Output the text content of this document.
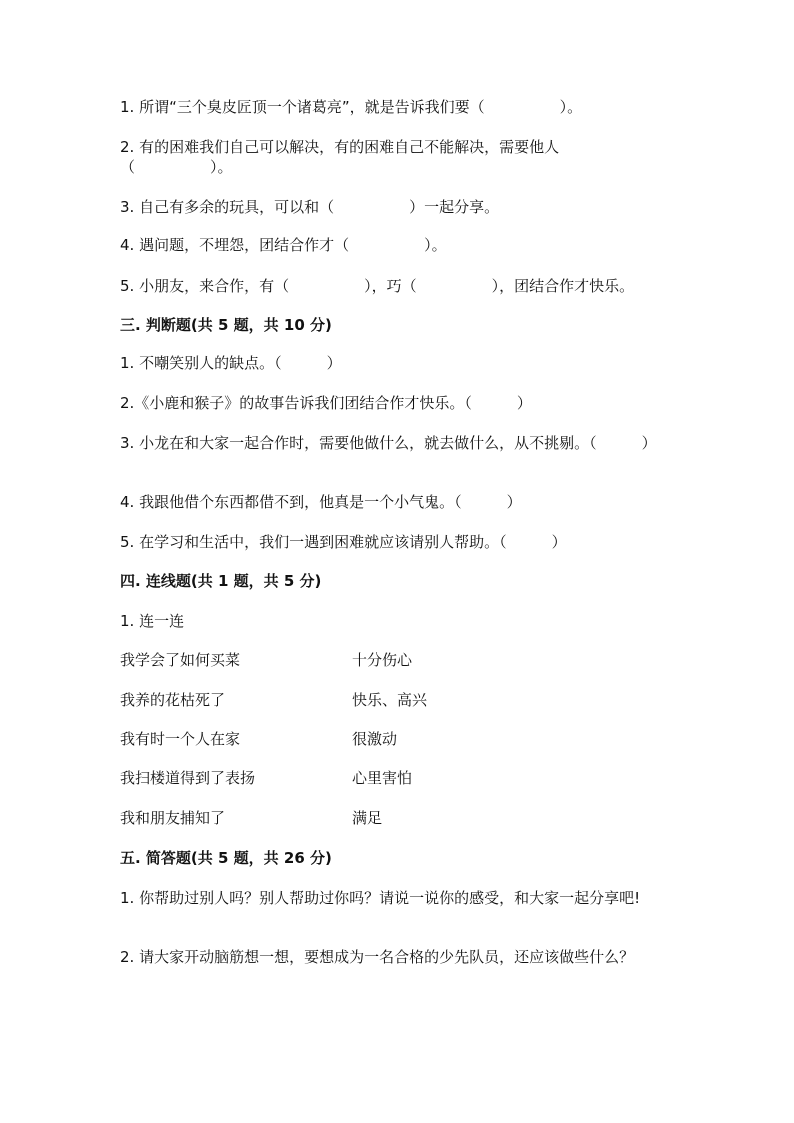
1. 所谓“三个臭皮匠顶一个诸葛亮”，就是告诉我们要（　　　　　）。
2. 有的困难我们自己可以解决，有的困难自己不能解决，需要他人（　　　　　）。
3. 自己有多余的玩具，可以和（　　　　　）一起分享。
4. 遇问题，不埋怨，团结合作才（　　　　　）。
5. 小朋友，来合作，有（　　　　　），巧（　　　　　），团结合作才快乐。
三. 判断题(共 5 题，共 10 分)
1. 不嘲笑别人的缺点。（　　　）
2.《小鹿和猴子》的故事告诉我们团结合作才快乐。（　　　）
3. 小龙在和大家一起合作时，需要他做什么，就去做什么，从不挑剔。（　　　）
4. 我跟他借个东西都借不到，他真是一个小气鬼。（　　　）
5. 在学习和生活中，我们一遇到困难就应该请别人帮助。（　　　）
四. 连线题(共 1 题，共 5 分)
1. 连一连
我学会了如何买菜	十分伤心
我养的花枯死了	快乐、高兴
我有时一个人在家	很激动
我扫楼道得到了表扬	心里害怕
我和朋友捕知了	满足
五. 简答题(共 5 题，共 26 分)
1. 你帮助过别人吗？别人帮助过你吗？请说一说你的感受，和大家一起分享吧!
2. 请大家开动脑筋想一想，要想成为一名合格的少先队员，还应该做些什么？
